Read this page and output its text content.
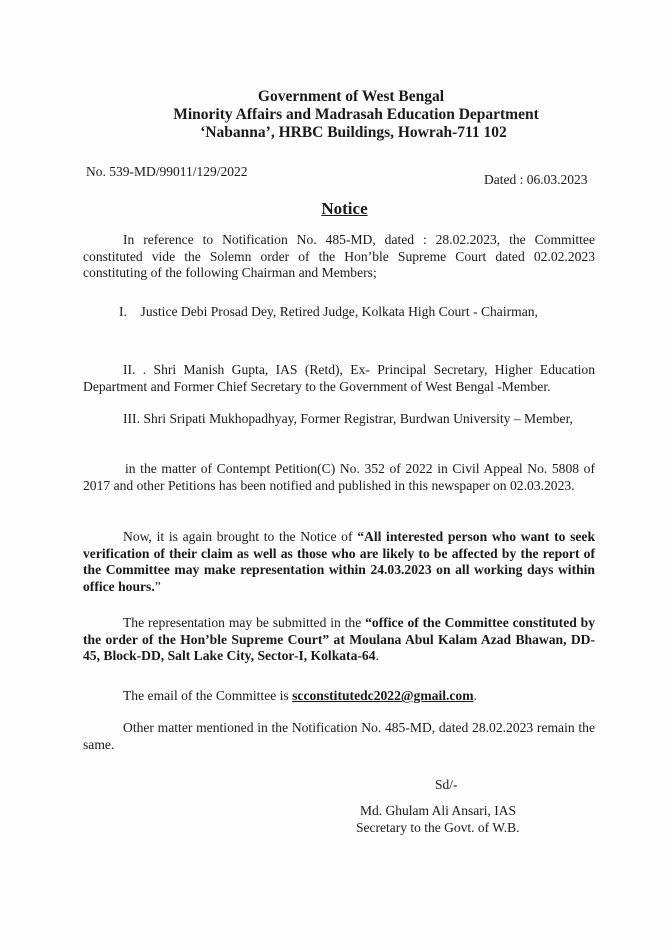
Government of West Bengal
Minority Affairs and Madrasah Education Department
‘Nabanna’, HRBC Buildings, Howrah-711 102
No. 539-MD/99011/129/2022
Dated : 06.03.2023
Notice
In reference to Notification No. 485-MD, dated : 28.02.2023, the Committee constituted vide the Solemn order of the Hon’ble Supreme Court dated 02.02.2023 constituting of the following Chairman and Members;
I. Justice Debi Prosad Dey, Retired Judge, Kolkata High Court - Chairman,
II. . Shri Manish Gupta, IAS (Retd), Ex- Principal Secretary, Higher Education Department and Former Chief Secretary to the Government of West Bengal -Member.
III. Shri Sripati Mukhopadhyay, Former Registrar, Burdwan University – Member,
in the matter of Contempt Petition(C) No. 352 of 2022 in Civil Appeal No. 5808 of 2017 and other Petitions has been notified and published in this newspaper on 02.03.2023.
Now, it is again brought to the Notice of “All interested person who want to seek verification of their claim as well as those who are likely to be affected by the report of the Committee may make representation within 24.03.2023 on all working days within office hours.”
The representation may be submitted in the “office of the Committee constituted by the order of the Hon’ble Supreme Court” at Moulana Abul Kalam Azad Bhawan, DD-45, Block-DD, Salt Lake City, Sector-I, Kolkata-64.
The email of the Committee is scconstitutedc2022@gmail.com.
Other matter mentioned in the Notification No. 485-MD, dated 28.02.2023 remain the same.
Sd/-
Md. Ghulam Ali Ansari, IAS
Secretary to the Govt. of W.B.
